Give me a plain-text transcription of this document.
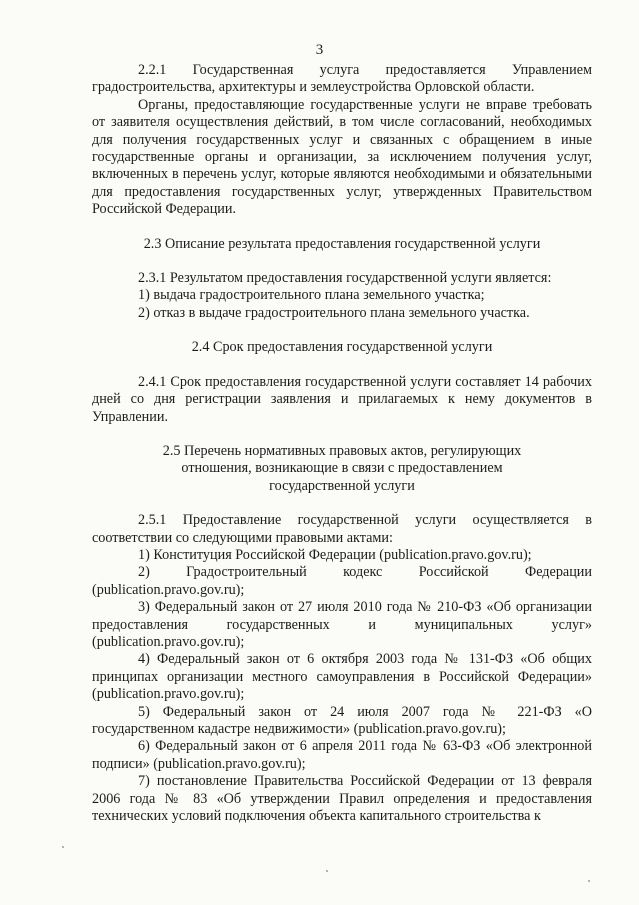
3

2.2.1 Государственная услуга предоставляется Управлением градостроительства, архитектуры и землеустройства Орловской области.

Органы, предоставляющие государственные услуги не вправе требовать от заявителя осуществления действий, в том числе согласований, необходимых для получения государственных услуг и связанных с обращением в иные государственные органы и организации, за исключением получения услуг, включенных в перечень услуг, которые являются необходимыми и обязательными для предоставления государственных услуг, утвержденных Правительством Российской Федерации.

2.3 Описание результата предоставления государственной услуги

2.3.1 Результатом предоставления государственной услуги является:

1) выдача градостроительного плана земельного участка;

2) отказ в выдаче градостроительного плана земельного участка.

2.4 Срок предоставления государственной услуги

2.4.1 Срок предоставления государственной услуги составляет 14 рабочих дней со дня регистрации заявления и прилагаемых к нему документов в Управлении.

2.5 Перечень нормативных правовых актов, регулирующих

отношения, возникающие в связи с предоставлением

государственной услуги

2.5.1 Предоставление государственной услуги осуществляется в соответствии со следующими правовыми актами:

1) Конституция Российской Федерации (publication.pravo.gov.ru);

2) Градостроительный кодекс Российской Федерации (publication.pravo.gov.ru);

3) Федеральный закон от 27 июля 2010 года № 210-ФЗ «Об организации предоставления государственных и муниципальных услуг» (publication.pravo.gov.ru);

4) Федеральный закон от 6 октября 2003 года № 131-ФЗ «Об общих принципах организации местного самоуправления в Российской Федерации» (publication.pravo.gov.ru);

5) Федеральный закон от 24 июля 2007 года № 221-ФЗ «О государственном кадастре недвижимости» (publication.pravo.gov.ru);

6) Федеральный закон от 6 апреля 2011 года № 63-ФЗ «Об электронной подписи» (publication.pravo.gov.ru);

7) постановление Правительства Российской Федерации от 13 февраля 2006 года № 83 «Об утверждении Правил определения и предоставления технических условий подключения объекта капитального строительства к
